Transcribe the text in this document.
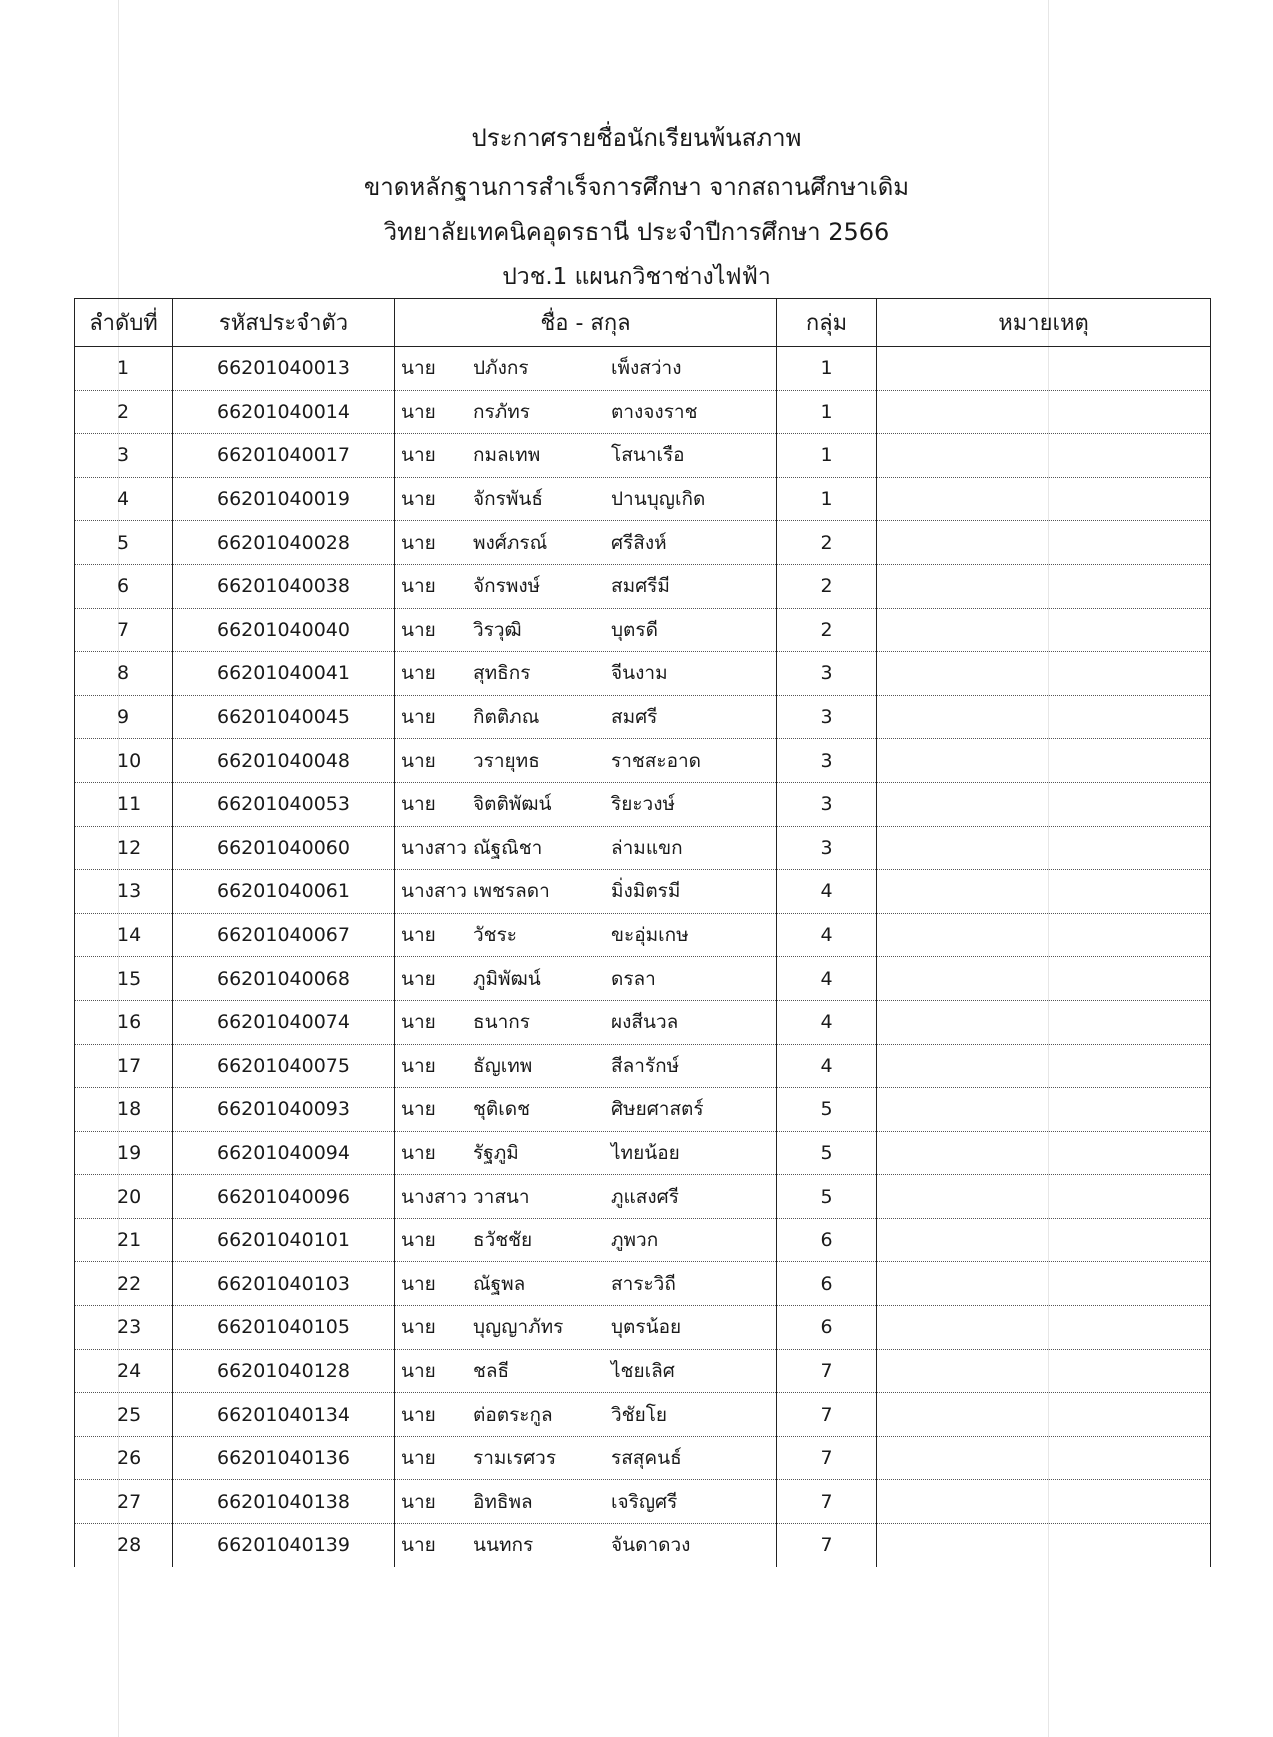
ประกาศรายชื่อนักเรียนพ้นสภาพ
ขาดหลักฐานการสำเร็จการศึกษา จากสถานศึกษาเดิม
วิทยาลัยเทคนิคอุดรธานี ประจำปีการศึกษา 2566
ปวช.1 แผนกวิชาช่างไฟฟ้า
ลำดับที่	รหัสประจำตัว	ชื่อ - สกุล	กลุ่ม	หมายเหตุ
1	66201040013	นาย ปภังกร เพ็งสว่าง	1	
2	66201040014	นาย กรภัทร ตางจงราช	1	
3	66201040017	นาย กมลเทพ โสนาเรือ	1	
4	66201040019	นาย จักรพันธ์ ปานบุญเกิด	1	
5	66201040028	นาย พงศ์ภรณ์ ศรีสิงห์	2	
6	66201040038	นาย จักรพงษ์ สมศรีมี	2	
7	66201040040	นาย วิรวุฒิ บุตรดี	2	
8	66201040041	นาย สุทธิกร จีนงาม	3	
9	66201040045	นาย กิตติภณ สมศรี	3	
10	66201040048	นาย วรายุทธ ราชสะอาด	3	
11	66201040053	นาย จิตติพัฒน์ ริยะวงษ์	3	
12	66201040060	นางสาว ณัฐณิชา ล่ามแขก	3	
13	66201040061	นางสาว เพชรลดา มิ่งมิตรมี	4	
14	66201040067	นาย วัชระ ขะอุ่มเกษ	4	
15	66201040068	นาย ภูมิพัฒน์ ดรลา	4	
16	66201040074	นาย ธนากร ผงสีนวล	4	
17	66201040075	นาย ธัญเทพ สีลารักษ์	4	
18	66201040093	นาย ชุติเดช ศิษยศาสตร์	5	
19	66201040094	นาย รัฐภูมิ ไทยน้อย	5	
20	66201040096	นางสาว วาสนา ภูแสงศรี	5	
21	66201040101	นาย ธวัชชัย ภูพวก	6	
22	66201040103	นาย ณัฐพล สาระวิถี	6	
23	66201040105	นาย บุญญาภัทร บุตรน้อย	6	
24	66201040128	นาย ชลธี ไชยเลิศ	7	
25	66201040134	นาย ต่อตระกูล วิชัยโย	7	
26	66201040136	นาย รามเรศวร รสสุคนธ์	7	
27	66201040138	นาย อิทธิพล เจริญศรี	7	
28	66201040139	นาย นนทกร จันดาดวง	7	
